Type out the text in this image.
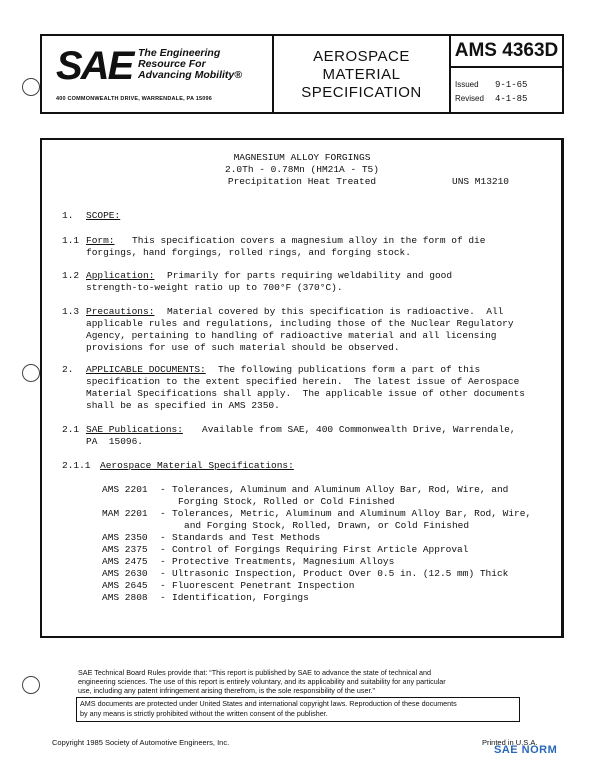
SAE The Engineering
Resource For
Advancing Mobility®
400 COMMONWEALTH DRIVE, WARRENDALE, PA 15096
AEROSPACE
MATERIAL
SPECIFICATION
AMS 4363D
Issued 9-1-65
Revised 4-1-85
MAGNESIUM ALLOY FORGINGS
2.0Th - 0.78Mn (HM21A - T5)
Precipitation Heat Treated	UNS M13210
1. SCOPE:
1.1 Form: This specification covers a magnesium alloy in the form of die
forgings, hand forgings, rolled rings, and forging stock.
1.2 Application: Primarily for parts requiring weldability and good
strength-to-weight ratio up to 700°F (370°C).
1.3 Precautions: Material covered by this specification is radioactive.  All
applicable rules and regulations, including those of the Nuclear Regulatory
Agency, pertaining to handling of radioactive material and all licensing
provisions for use of such material should be observed.
2. APPLICABLE DOCUMENTS: The following publications form a part of this
specification to the extent specified herein.  The latest issue of Aerospace
Material Specifications shall apply.  The applicable issue of other documents
shall be as specified in AMS 2350.
2.1 SAE Publications: Available from SAE, 400 Commonwealth Drive, Warrendale,
PA  15096.
2.1.1 Aerospace Material Specifications:
AMS 2201 - Tolerances, Aluminum and Aluminum Alloy Bar, Rod, Wire, and
Forging Stock, Rolled or Cold Finished
MAM 2201 - Tolerances, Metric, Aluminum and Aluminum Alloy Bar, Rod, Wire,
and Forging Stock, Rolled, Drawn, or Cold Finished
AMS 2350 - Standards and Test Methods
AMS 2375 - Control of Forgings Requiring First Article Approval
AMS 2475 - Protective Treatments, Magnesium Alloys
AMS 2630 - Ultrasonic Inspection, Product Over 0.5 in. (12.5 mm) Thick
AMS 2645 - Fluorescent Penetrant Inspection
AMS 2808 - Identification, Forgings
SAE Technical Board Rules provide that: “This report is published by SAE to advance the state of technical and
engineering sciences. The use of this report is entirely voluntary, and its applicability and suitability for any particular
use, including any patent infringement arising therefrom, is the sole responsibility of the user.”
AMS documents are protected under United States and international copyright laws. Reproduction of these documents
by any means is strictly prohibited without the written consent of the publisher.
Copyright 1985 Society of Automotive Engineers, Inc.	Printed in U.S.A.
SAE NORM
